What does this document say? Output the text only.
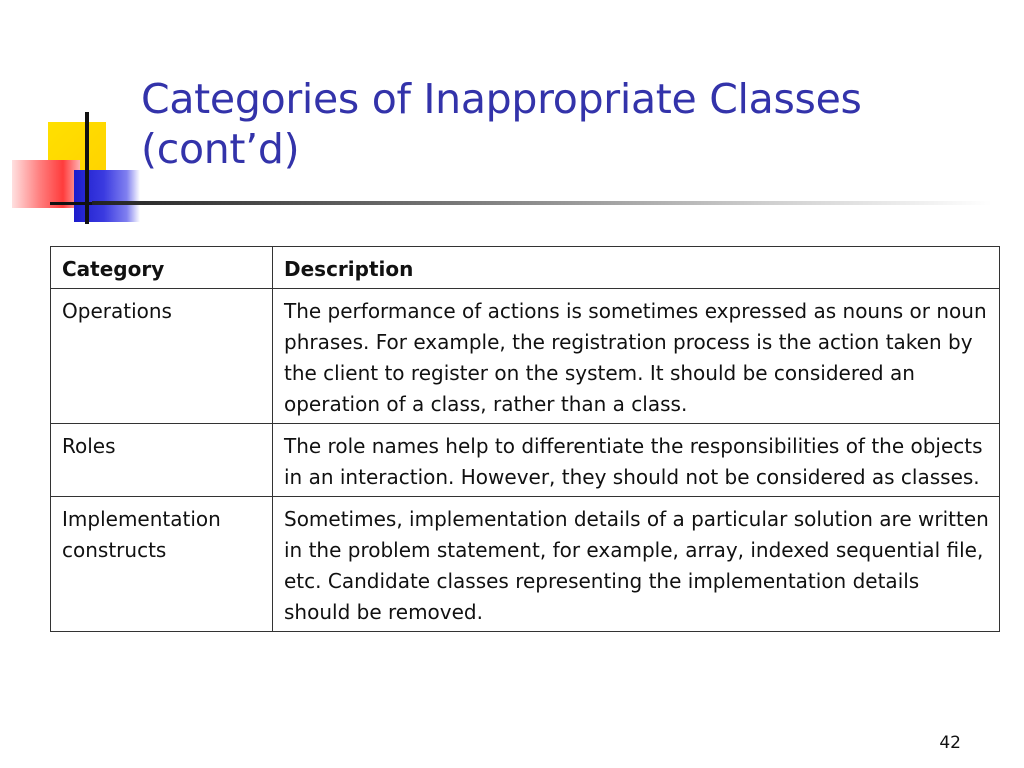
Categories of Inappropriate Classes
(cont’d)
Category	Description
Operations	The performance of actions is sometimes expressed as nouns or noun phrases. For example, the registration process is the action taken by the client to register on the system. It should be considered an operation of a class, rather than a class.
Roles	The role names help to differentiate the responsibilities of the objects in an interaction. However, they should not be considered as classes.
Implementation constructs	Sometimes, implementation details of a particular solution are written in the problem statement, for example, array, indexed sequential file, etc. Candidate classes representing the implementation details should be removed.
42
